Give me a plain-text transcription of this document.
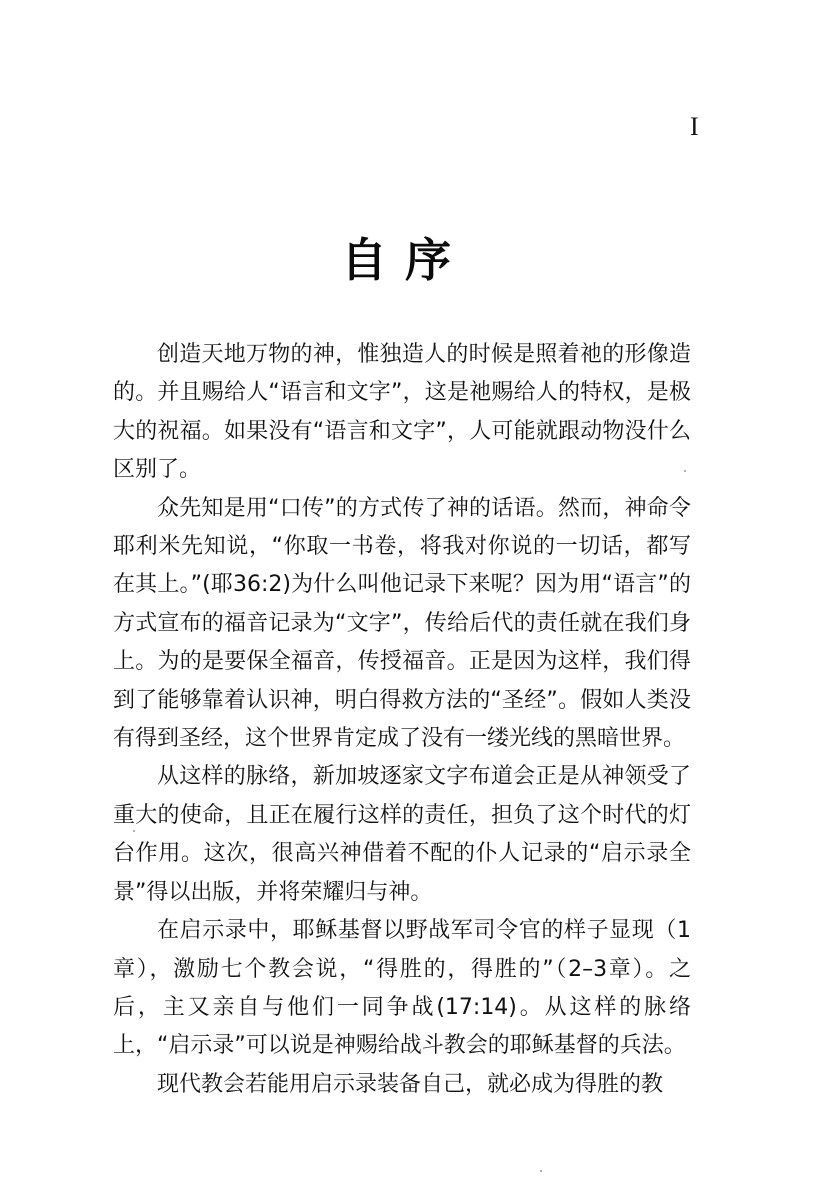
I
自序

创造天地万物的神，惟独造人的时候是照着祂的形像造的。并且赐给人“语言和文字”，这是祂赐给人的特权，是极大的祝福。如果没有“语言和文字”，人可能就跟动物没什么区别了。

众先知是用“口传”的方式传了神的话语。然而，神命令耶利米先知说，“你取一书卷，将我对你说的一切话，都写在其上。”(耶36:2)为什么叫他记录下来呢？因为用“语言”的方式宣布的福音记录为“文字”，传给后代的责任就在我们身上。为的是要保全福音，传授福音。正是因为这样，我们得到了能够靠着认识神，明白得救方法的“圣经”。假如人类没有得到圣经，这个世界肯定成了没有一缕光线的黑暗世界。

从这样的脉络，新加坡逐家文字布道会正是从神领受了重大的使命，且正在履行这样的责任，担负了这个时代的灯台作用。这次，很高兴神借着不配的仆人记录的“启示录全景”得以出版，并将荣耀归与神。

在启示录中，耶稣基督以野战军司令官的样子显现（1章），激励七个教会说，“得胜的，得胜的”（2–3章）。之后，主又亲自与他们一同争战(17:14)。从这样的脉络上，“启示录”可以说是神赐给战斗教会的耶稣基督的兵法。

现代教会若能用启示录装备自己，就必成为得胜的教
